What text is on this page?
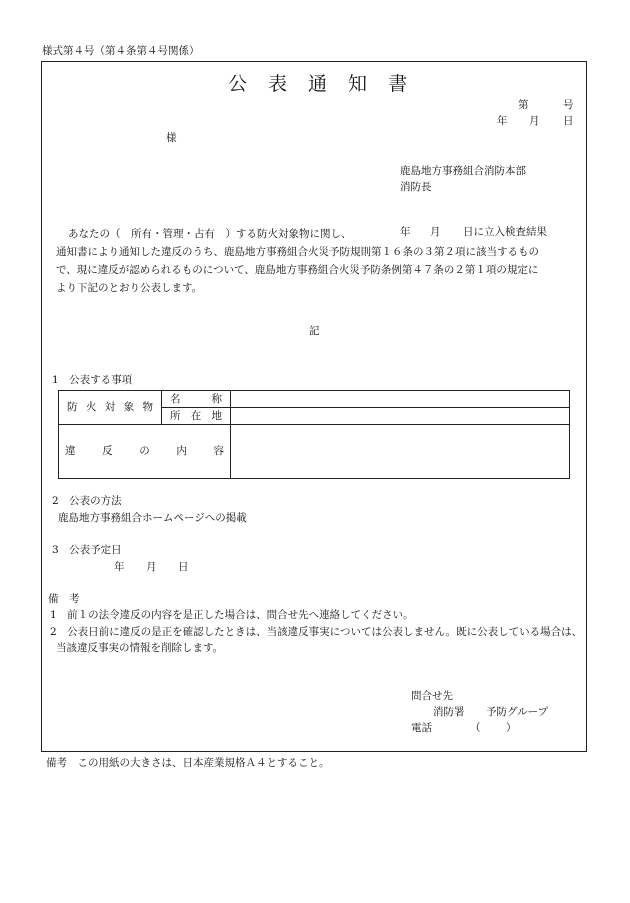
様式第４号（第４条第４号関係）
公 表 通 知 書
第	号
年 月 日
様
鹿島地方事務組合消防本部
消防長
あなたの（　所有・管理・占有　）する防火対象物に関し、	年 月 日に立入検査結果
通知書により通知した違反のうち、鹿島地方事務組合火災予防規則第１６条の３第２項に該当するもの
で、現に違反が認められるものについて、鹿島地方事務組合火災予防条例第４７条の２第１項の規定に
より下記のとおり公表します。
記
1　公表する事項
防 火 対 象 物	名 称	

	所 在 地	

違 反 の 内 容		

2　公表の方法
鹿島地方事務組合ホームページへの掲載
3　公表予定日
年 月 日
備　考
1　前１の法令違反の内容を是正した場合は、問合せ先へ連絡してください。
2　公表日前に違反の是正を確認したときは、当該違反事実については公表しません。既に公表している場合は、
当該違反事実の情報を削除します。
問合せ先
消防署 予防グループ
電話	（ ）
備考　この用紙の大きさは、日本産業規格Ａ４とすること。
